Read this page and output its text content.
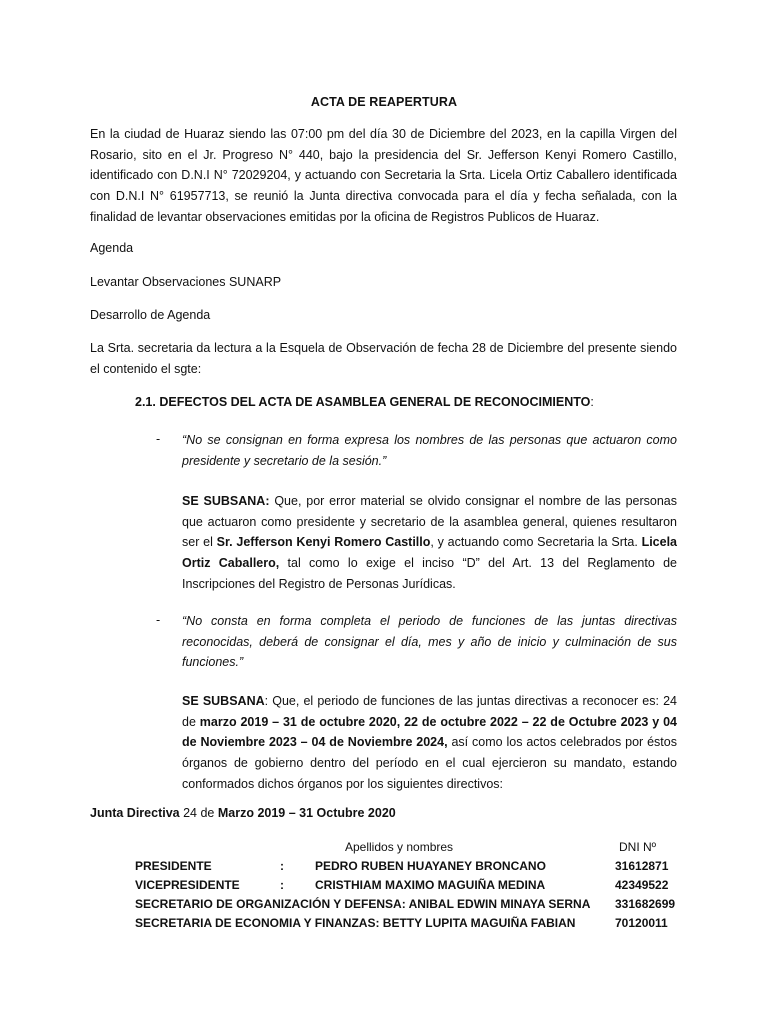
ACTA DE REAPERTURA

En la ciudad de Huaraz siendo las 07:00 pm del día 30 de Diciembre del 2023, en la capilla Virgen del Rosario, sito en el Jr. Progreso N° 440, bajo la presidencia del Sr. Jefferson Kenyi Romero Castillo, identificado con D.N.I N° 72029204, y actuando con Secretaria la Srta. Licela Ortiz Caballero identificada con D.N.I N° 61957713, se reunió la Junta directiva convocada para el día y fecha señalada, con la finalidad de levantar observaciones emitidas por la oficina de Registros Publicos de Huaraz.

Agenda

Levantar Observaciones SUNARP

Desarrollo de Agenda

La Srta. secretaria da lectura a la Esquela de Observación de fecha 28 de Diciembre del presente siendo el contenido el sgte:

2.1. DEFECTOS DEL ACTA DE ASAMBLEA GENERAL DE RECONOCIMIENTO:
- “No se consignan en forma expresa los nombres de las personas que actuaron como presidente y secretario de la sesión.”

SE SUBSANA: Que, por error material se olvido consignar el nombre de las personas que actuaron como presidente y secretario de la asamblea general, quienes resultaron ser el Sr. Jefferson Kenyi Romero Castillo, y actuando como Secretaria la Srta. Licela Ortiz Caballero, tal como lo exige el inciso “D” del Art. 13 del Reglamento de Inscripciones del Registro de Personas Jurídicas.

- “No consta en forma completa el periodo de funciones de las juntas directivas reconocidas, deberá de consignar el día, mes y año de inicio y culminación de sus funciones.”

SE SUBSANA: Que, el periodo de funciones de las juntas directivas a reconocer es: 24 de marzo 2019 – 31 de octubre 2020, 22 de octubre 2022 – 22 de Octubre 2023 y 04 de Noviembre 2023 – 04 de Noviembre 2024, así como los actos celebrados por éstos órganos de gobierno dentro del período en el cual ejercieron su mandato, estando conformados dichos órganos por los siguientes directivos:

Junta Directiva 24 de Marzo 2019 – 31 Octubre 2020
		Apellidos y nombres	DNI Nº
PRESIDENTE	:	PEDRO RUBEN HUAYANEY BRONCANO	31612871
VICEPRESIDENTE	:	CRISTHIAM MAXIMO MAGUIÑA MEDINA	42349522
SECRETARIO DE ORGANIZACIÓN Y DEFENSA: ANIBAL EDWIN MINAYA SERNA			331682699
SECRETARIA DE ECONOMIA Y FINANZAS: BETTY LUPITA MAGUIÑA FABIAN			70120011
